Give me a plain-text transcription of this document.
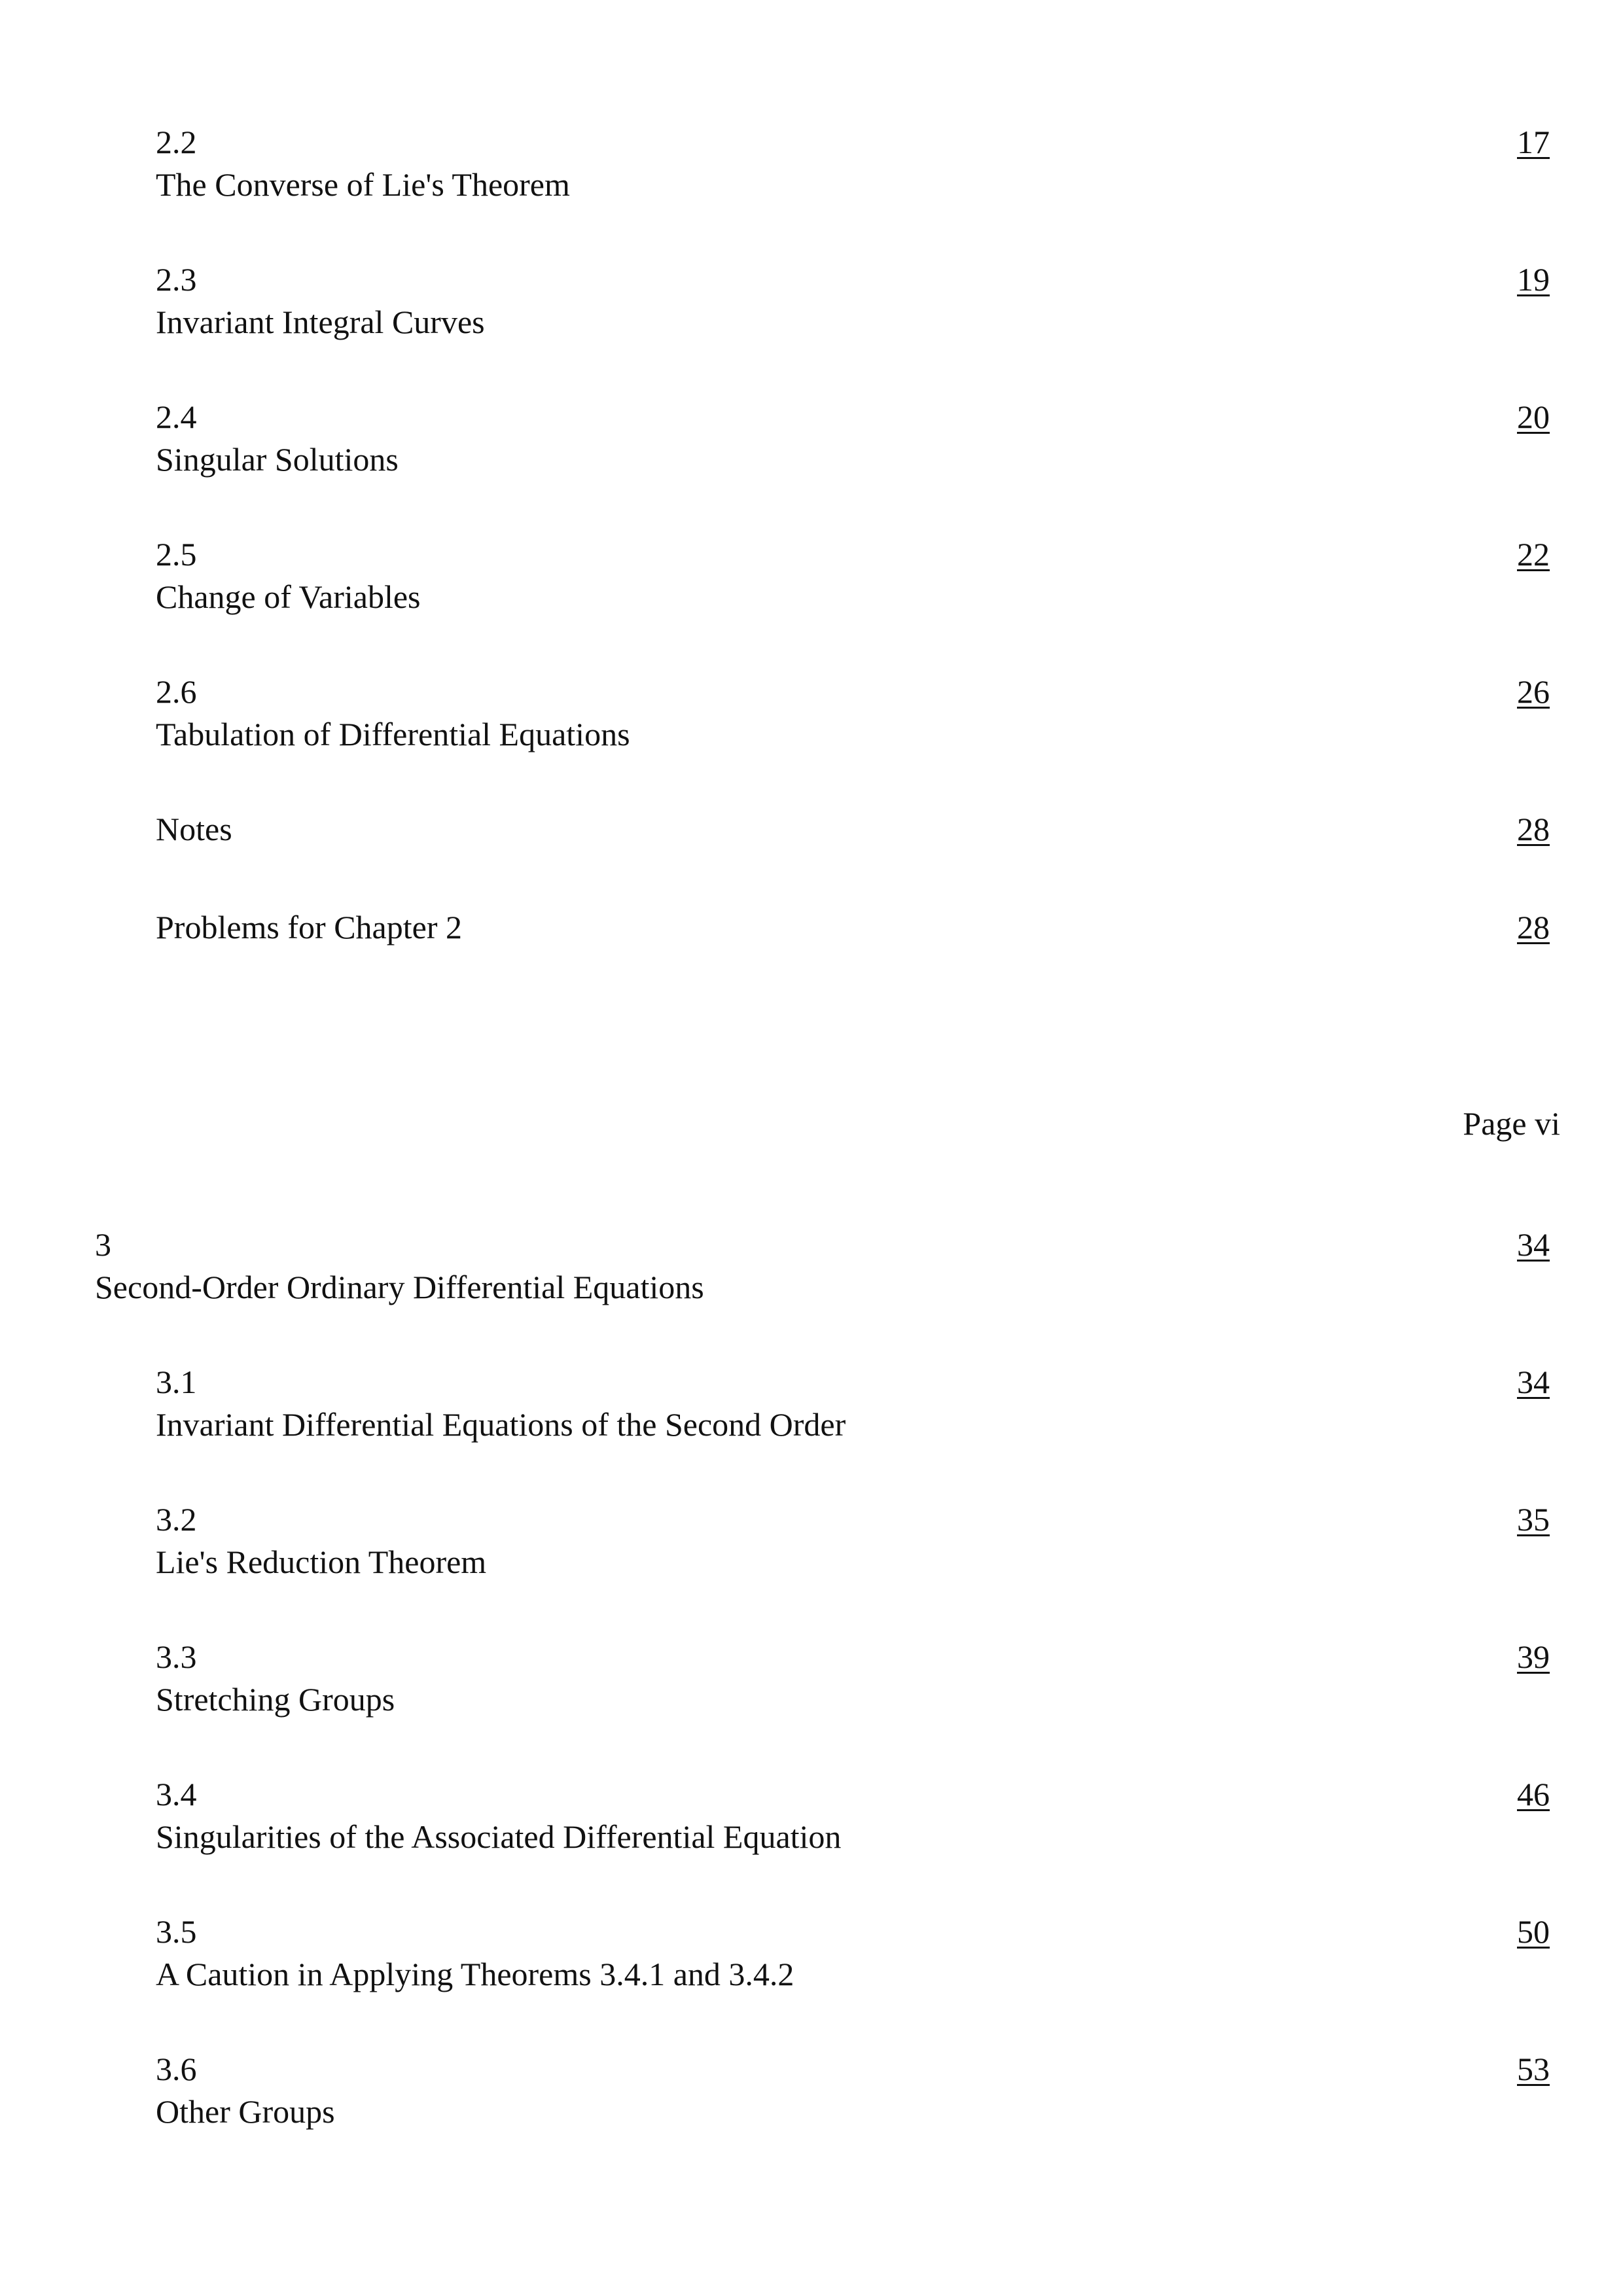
2.2
The Converse of Lie's Theorem
17
2.3
Invariant Integral Curves
19
2.4
Singular Solutions
20
2.5
Change of Variables
22
2.6
Tabulation of Differential Equations
26
Notes	28
Problems for Chapter 2	28
Page vi
3
Second-Order Ordinary Differential Equations
34
3.1
Invariant Differential Equations of the Second Order
34
3.2
Lie's Reduction Theorem
35
3.3
Stretching Groups
39
3.4
Singularities of the Associated Differential Equation
46
3.5
A Caution in Applying Theorems 3.4.1 and 3.4.2
50
3.6
Other Groups
53
